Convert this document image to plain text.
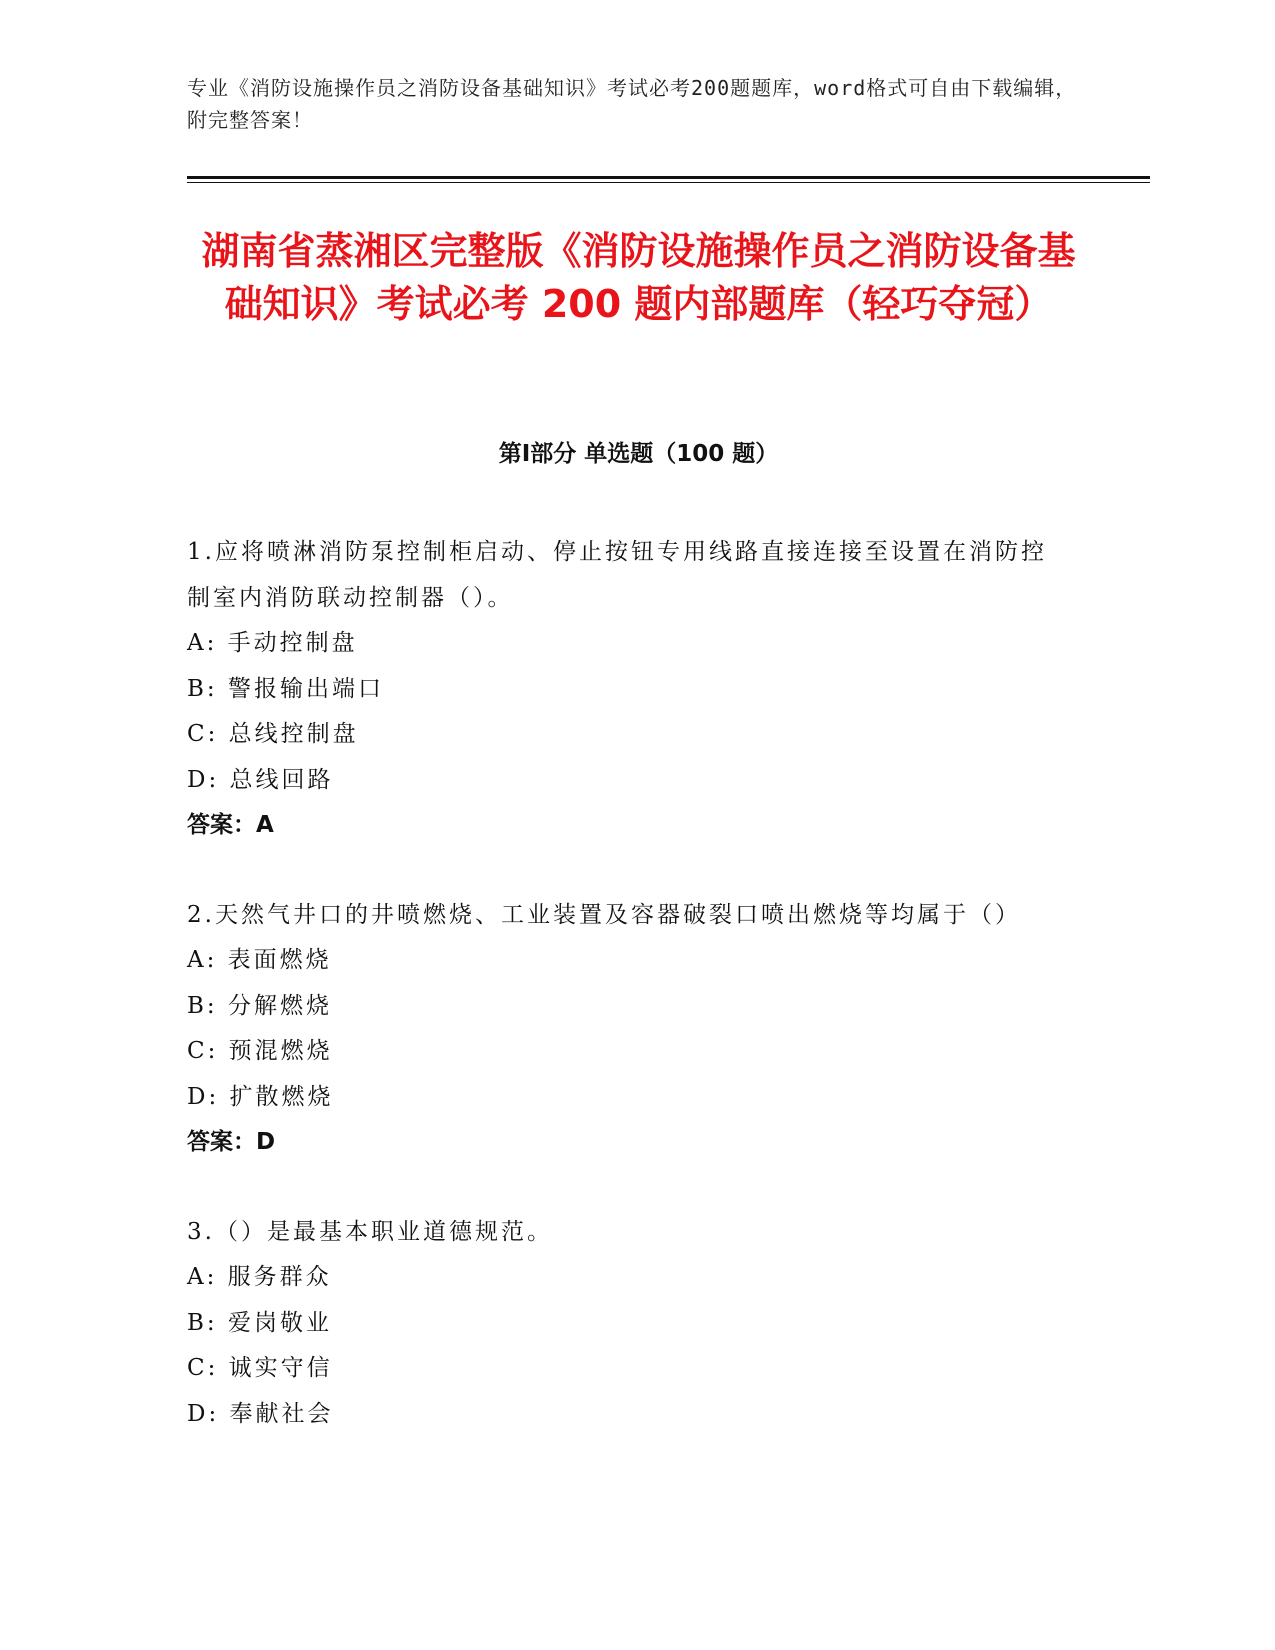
专业《消防设施操作员之消防设备基础知识》考试必考200题题库，word格式可自由下载编辑，附完整答案！
湖南省蒸湘区完整版《消防设施操作员之消防设备基础知识》考试必考 200 题内部题库（轻巧夺冠）
第Ⅰ部分 单选题（100 题）
1.应将喷淋消防泵控制柜启动、停止按钮专用线路直接连接至设置在消防控制室内消防联动控制器（）。
A: 手动控制盘
B: 警报输出端口
C: 总线控制盘
D: 总线回路
答案：A
2.天然气井口的井喷燃烧、工业装置及容器破裂口喷出燃烧等均属于（）
A: 表面燃烧
B: 分解燃烧
C: 预混燃烧
D: 扩散燃烧
答案：D
3.（）是最基本职业道德规范。
A: 服务群众
B: 爱岗敬业
C: 诚实守信
D: 奉献社会
